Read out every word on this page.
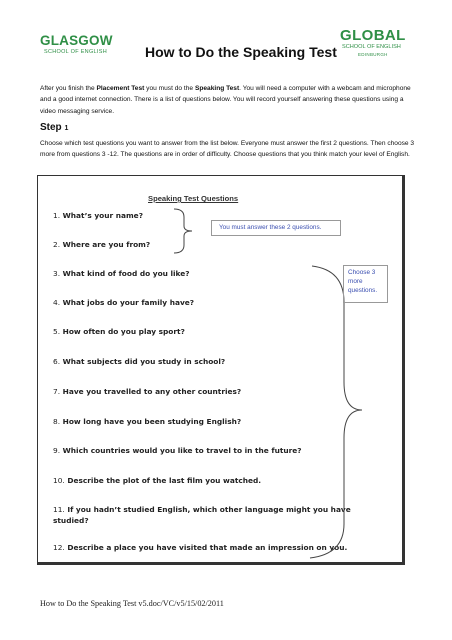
GLASGOW
SCHOOL OF ENGLISH
GLOBAL
SCHOOL OF ENGLISH
EDINBURGH
How to Do the Speaking Test
After you finish the Placement Test you must do the Speaking Test. You will need a computer with a webcam and microphone and a good internet connection. There is a list of questions below. You will record yourself answering these questions using a video messaging service.
Step 1
Choose which test questions you want to answer from the list below. Everyone must answer the first 2 questions. Then choose 3 more from questions 3 -12. The questions are in order of difficulty. Choose questions that you think match your level of English.
Speaking Test Questions
1. What’s your name?
2. Where are you from?
3. What kind of food do you like?
4. What jobs do your family have?
5. How often do you play sport?
6. What subjects did you study in school?
7. Have you travelled to any other countries?
8. How long have you been studying English?
9. Which countries would you like to travel to in the future?
10. Describe the plot of the last film you watched.
11. If you hadn’t studied English, which other language might you have studied?
12. Describe a place you have visited that made an impression on you.
You must answer these 2 questions.
Choose 3 more questions.
How to Do the Speaking Test v5.doc/VC/v5/15/02/2011
